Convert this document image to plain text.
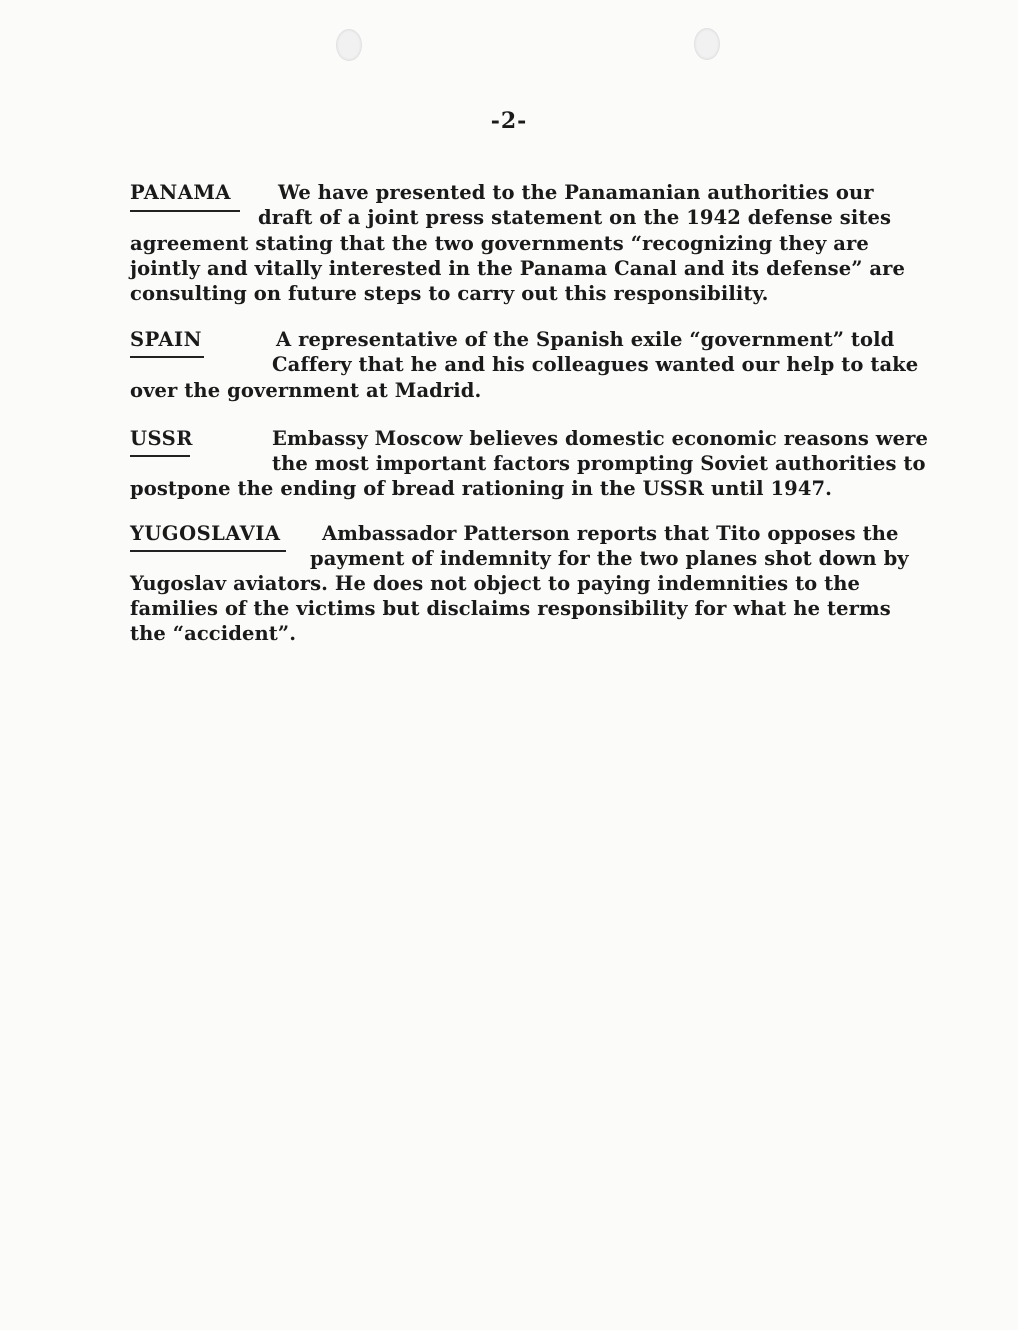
-2-
PANAMA We have presented to the Panamanian authorities our
draft of a joint press statement on the 1942 defense sites
agreement stating that the two governments “recognizing they are
jointly and vitally interested in the Panama Canal and its defense” are
consulting on future steps to carry out this responsibility.
SPAIN	A representative of the Spanish exile “government” told
Caffery that he and his colleagues wanted our help to take
over the government at Madrid.
USSR	Embassy Moscow believes domestic economic reasons were
the most important factors prompting Soviet authorities to
postpone the ending of bread rationing in the USSR until 1947.
YUGOSLAVIA Ambassador Patterson reports that Tito opposes the
payment of indemnity for the two planes shot down by
Yugoslav aviators. He does not object to paying indemnities to the
families of the victims but disclaims responsibility for what he terms
the “accident”.
